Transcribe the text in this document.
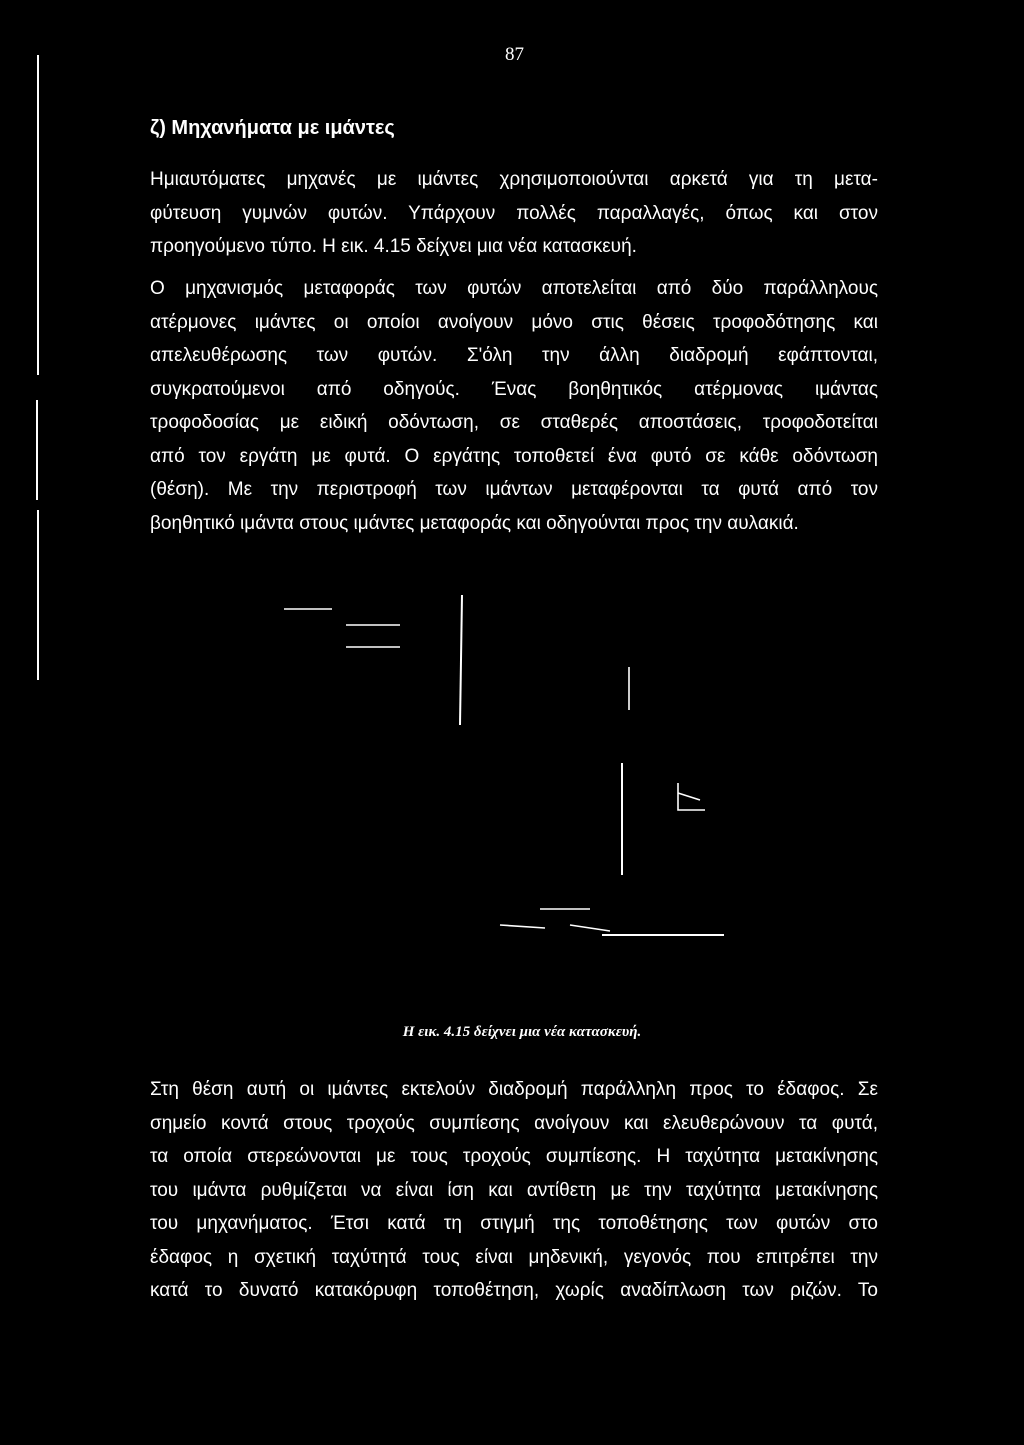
87
ζ) Μηχανήματα με ιμάντες
Ημιαυτόματες μηχανές με ιμάντες χρησιμοποιούνται αρκετά για τη μετα-
φύτευση γυμνών φυτών. Υπάρχουν πολλές παραλλαγές, όπως και στον
προηγούμενο τύπο. Η εικ. 4.15 δείχνει μια νέα κατασκευή.
Ο μηχανισμός μεταφοράς των φυτών αποτελείται από δύο παράλληλους
ατέρμονες ιμάντες οι οποίοι ανοίγουν μόνο στις θέσεις τροφοδότησης και
απελευθέρωσης των φυτών. Σ'όλη την άλλη διαδρομή εφάπτονται,
συγκρατούμενοι από οδηγούς. Ένας βοηθητικός ατέρμονας ιμάντας
τροφοδοσίας με ειδική οδόντωση, σε σταθερές αποστάσεις, τροφοδοτείται
από τον εργάτη με φυτά. Ο εργάτης τοποθετεί ένα φυτό σε κάθε οδόντωση
(θέση). Με την περιστροφή των ιμάντων μεταφέρονται τα φυτά από τον
βοηθητικό ιμάντα στους ιμάντες μεταφοράς και οδηγούνται προς την αυλακιά.
Η εικ. 4.15 δείχνει μια νέα κατασκευή.
Στη θέση αυτή οι ιμάντες εκτελούν διαδρομή παράλληλη προς το έδαφος. Σε
σημείο κοντά στους τροχούς συμπίεσης ανοίγουν και ελευθερώνουν τα φυτά,
τα οποία στερεώνονται με τους τροχούς συμπίεσης. Η ταχύτητα μετακίνησης
του ιμάντα ρυθμίζεται να είναι ίση και αντίθετη με την ταχύτητα μετακίνησης
του μηχανήματος. Έτσι κατά τη στιγμή της τοποθέτησης των φυτών στο
έδαφος η σχετική ταχύτητά τους είναι μηδενική, γεγονός που επιτρέπει την
κατά το δυνατό κατακόρυφη τοποθέτηση, χωρίς αναδίπλωση των ριζών. Το
